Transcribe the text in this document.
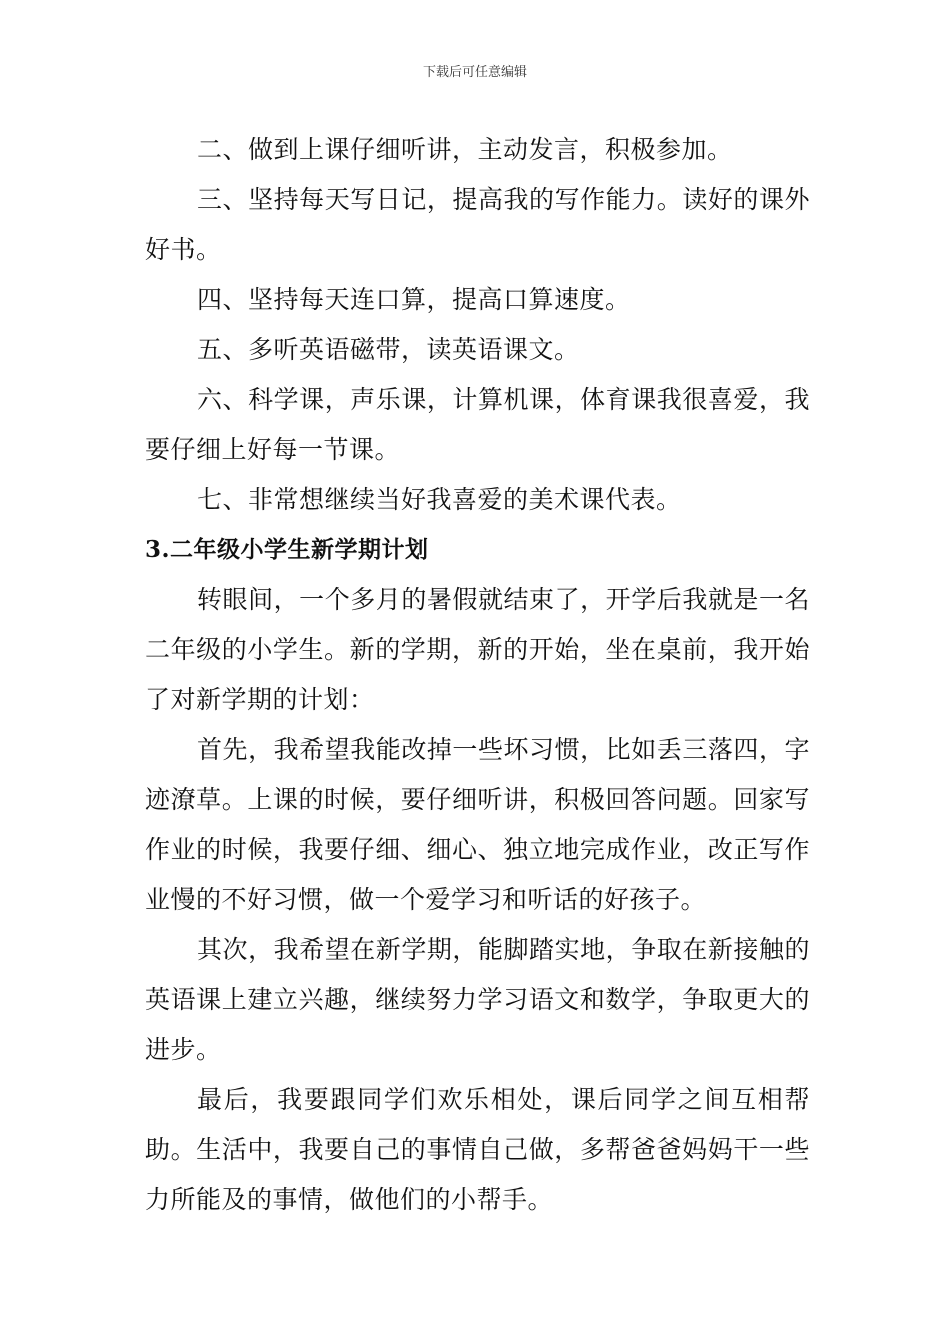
下载后可任意编辑

二、做到上课仔细听讲，主动发言，积极参加。

三、坚持每天写日记，提高我的写作能力。读好的课外好书。

四、坚持每天连口算，提高口算速度。

五、多听英语磁带，读英语课文。

六、科学课，声乐课，计算机课，体育课我很喜爱，我要仔细上好每一节课。

七、非常想继续当好我喜爱的美术课代表。

3.二年级小学生新学期计划

转眼间，一个多月的暑假就结束了，开学后我就是一名二年级的小学生。新的学期，新的开始，坐在桌前，我开始了对新学期的计划：

首先，我希望我能改掉一些坏习惯，比如丢三落四，字迹潦草。上课的时候，要仔细听讲，积极回答问题。回家写作业的时候，我要仔细、细心、独立地完成作业，改正写作业慢的不好习惯，做一个爱学习和听话的好孩子。

其次，我希望在新学期，能脚踏实地，争取在新接触的英语课上建立兴趣，继续努力学习语文和数学，争取更大的进步。

最后，我要跟同学们欢乐相处，课后同学之间互相帮助。生活中，我要自己的事情自己做，多帮爸爸妈妈干一些力所能及的事情，做他们的小帮手。
